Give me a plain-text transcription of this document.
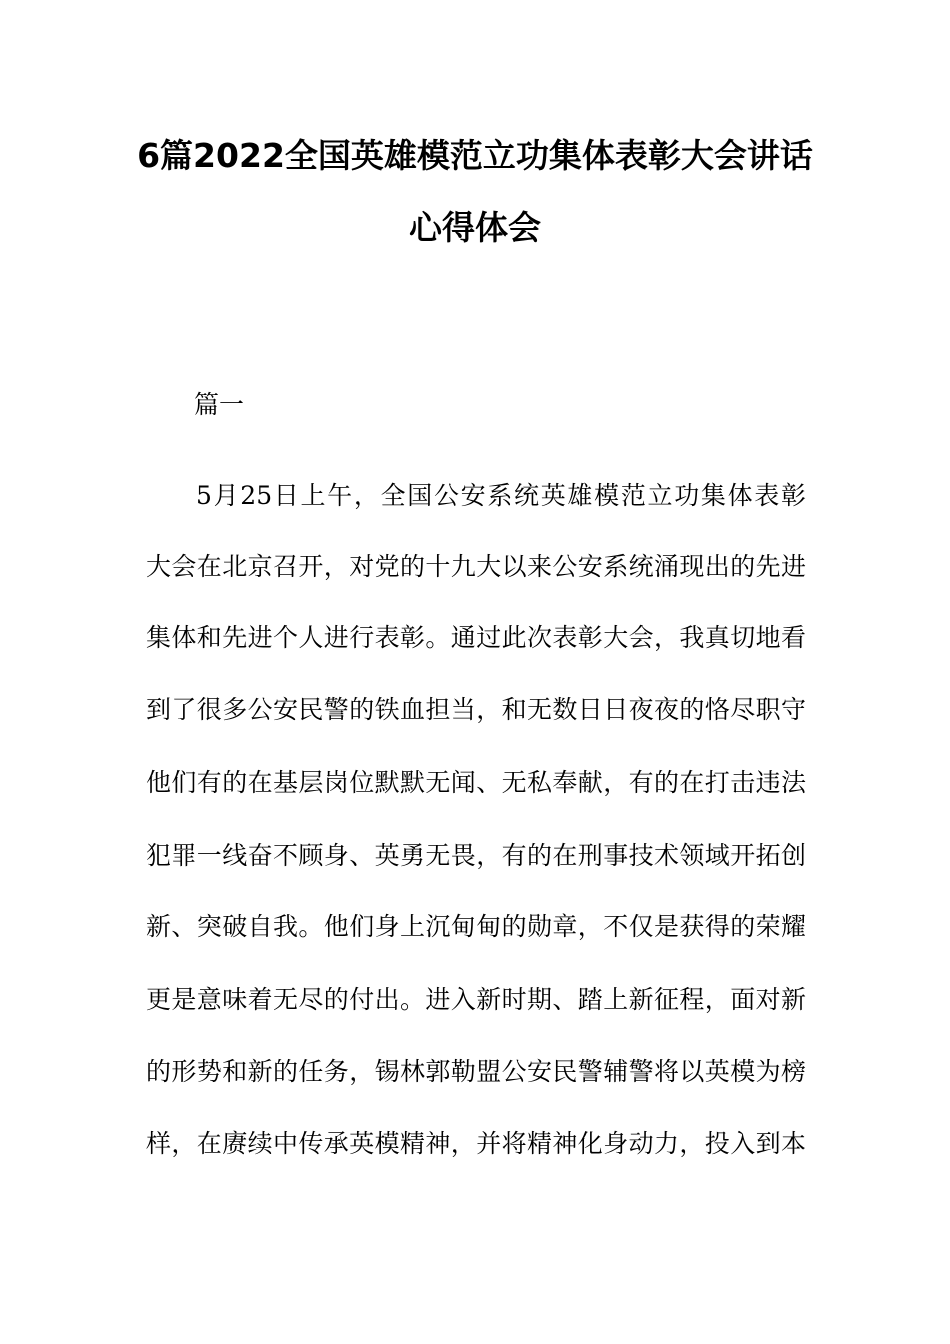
6篇2022全国英雄模范立功集体表彰大会讲话
心得体会
篇一
5月25日上午，全国公安系统英雄模范立功集体表彰
大会在北京召开，对党的十九大以来公安系统涌现出的先进
集体和先进个人进行表彰。通过此次表彰大会，我真切地看
到了很多公安民警的铁血担当，和无数日日夜夜的恪尽职守
他们有的在基层岗位默默无闻、无私奉献，有的在打击违法
犯罪一线奋不顾身、英勇无畏，有的在刑事技术领域开拓创
新、突破自我。他们身上沉甸甸的勋章，不仅是获得的荣耀
更是意味着无尽的付出。进入新时期、踏上新征程，面对新
的形势和新的任务，锡林郭勒盟公安民警辅警将以英模为榜
样，在赓续中传承英模精神，并将精神化身动力，投入到本
